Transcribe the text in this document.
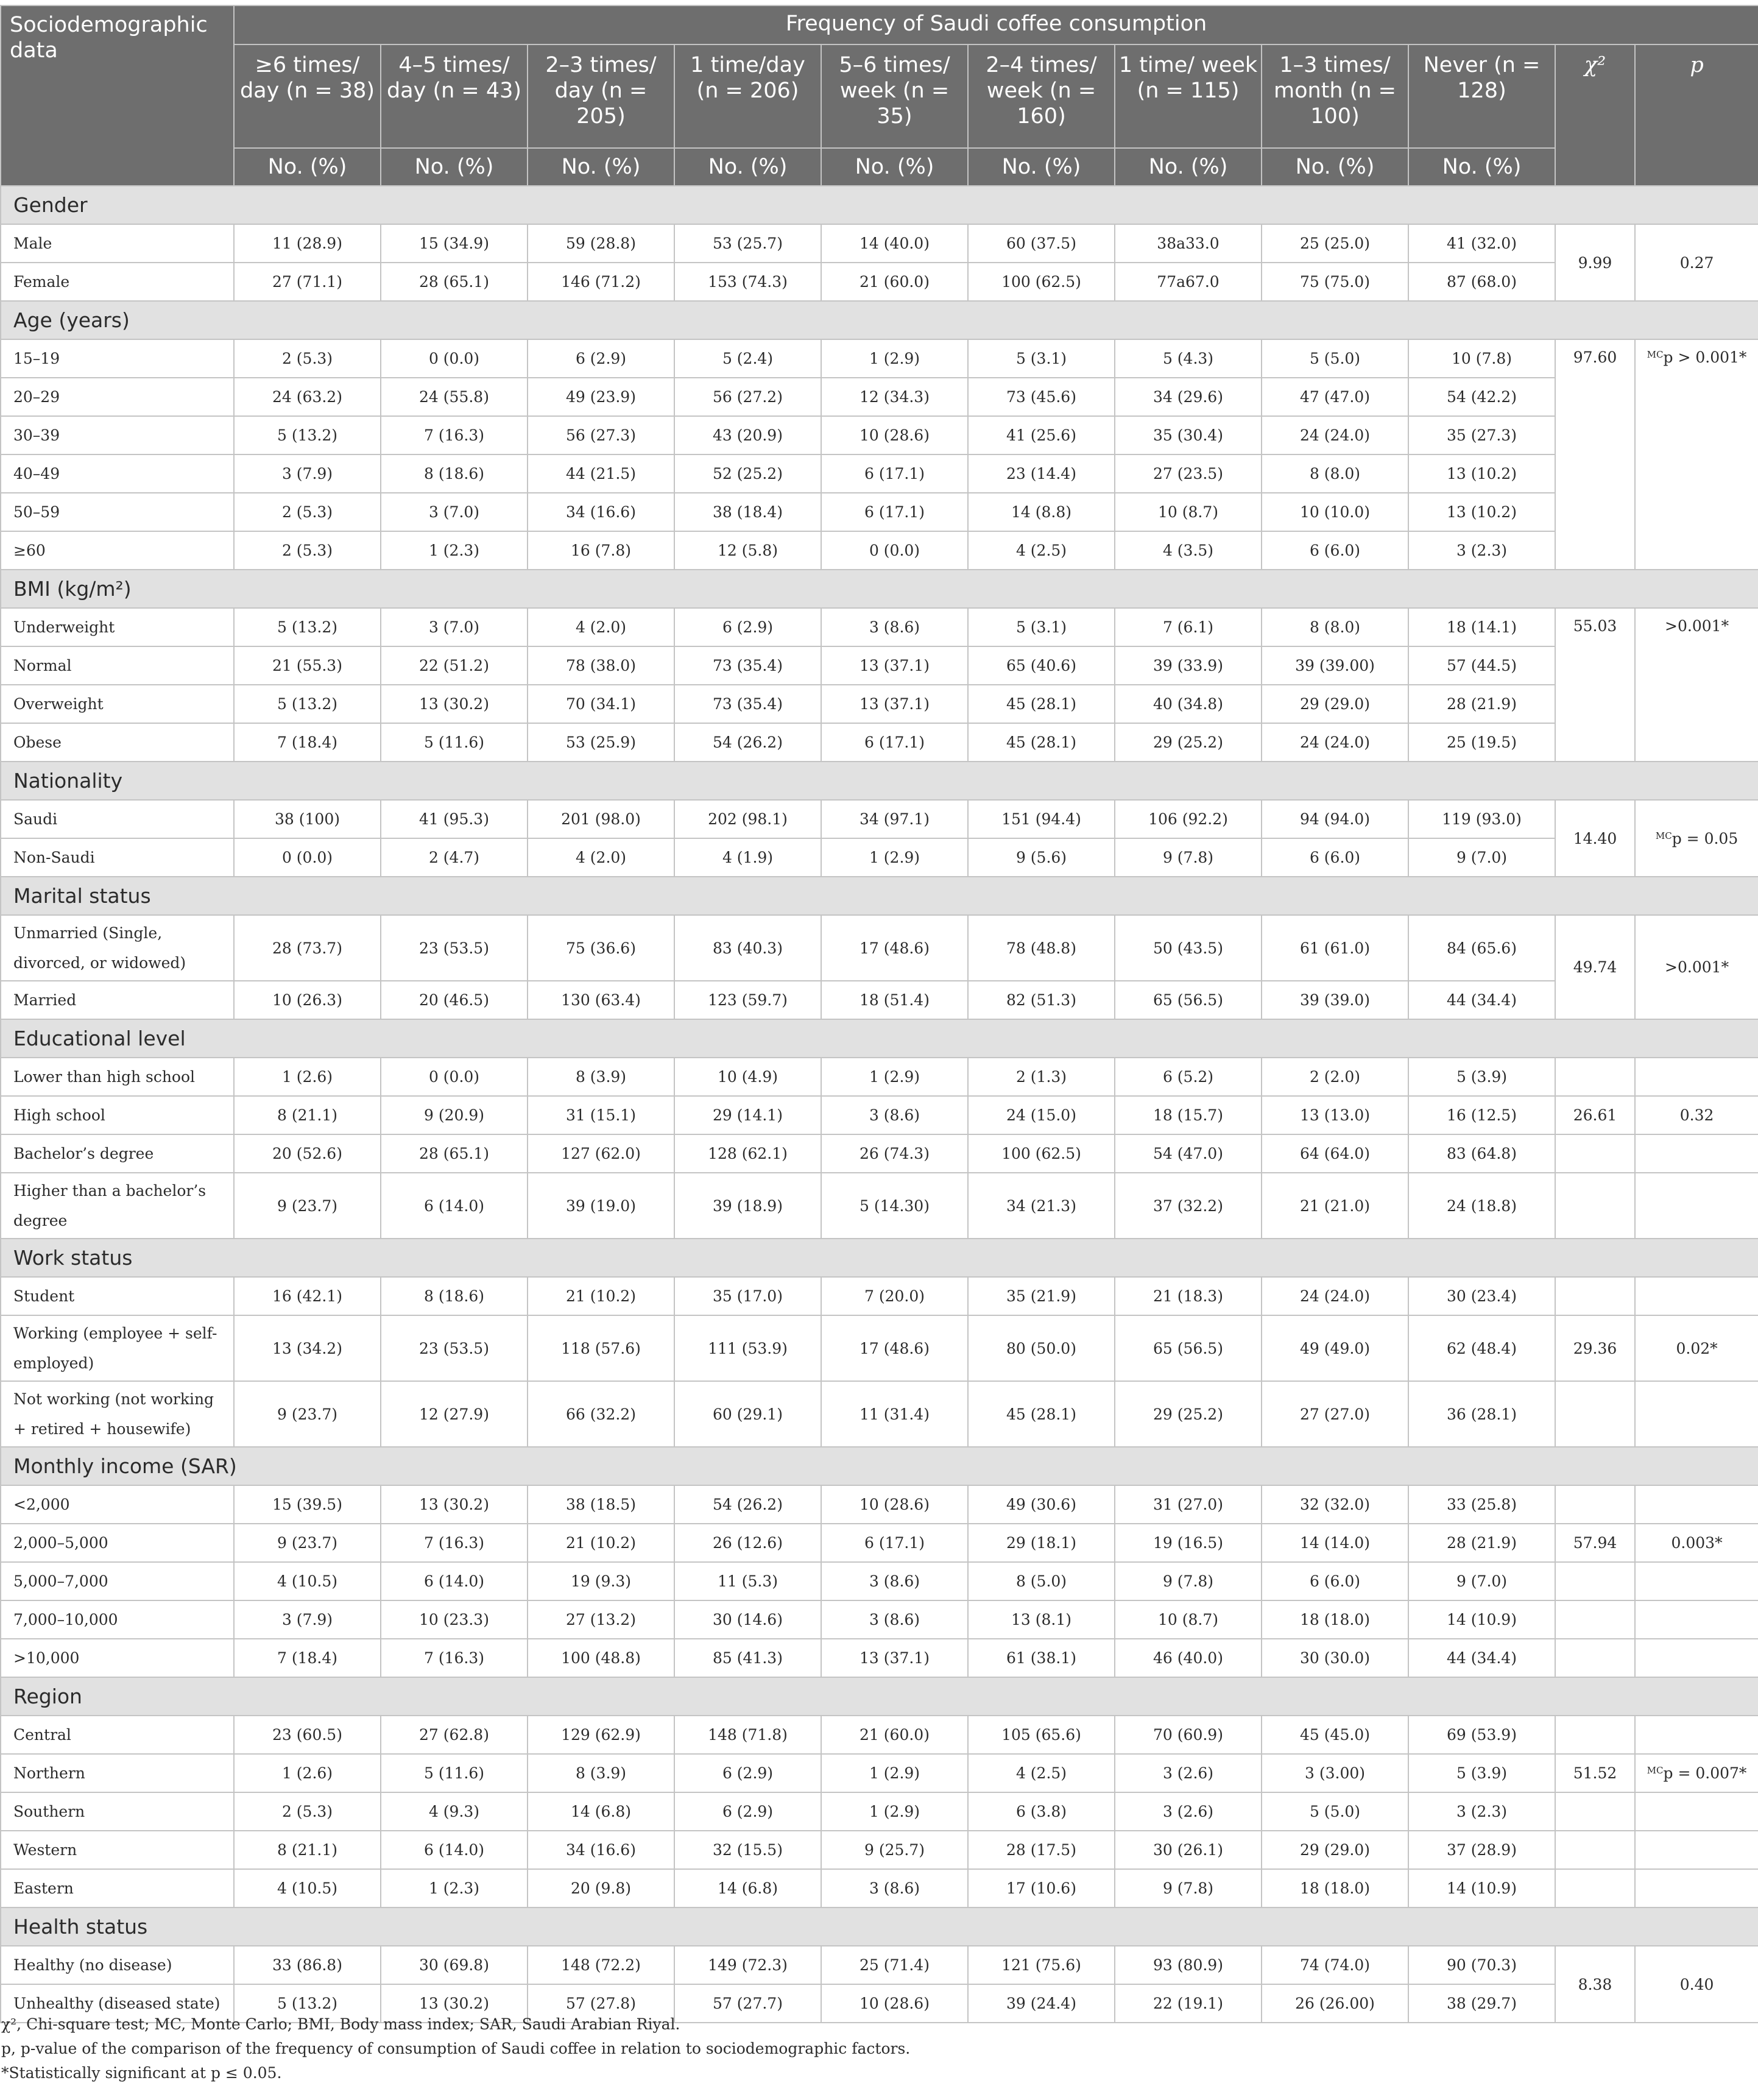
Sociodemographic data	Frequency of Saudi coffee consumption										
	≥6 times/ day (n = 38)	4–5 times/ day (n = 43)	2–3 times/ day (n = 205)	1 time/day (n = 206)	5–6 times/ week (n = 35)	2–4 times/ week (n = 160)	1 time/ week (n = 115)	1–3 times/ month (n = 100)	Never (n = 128)	χ²	p
	No. (%)	No. (%)	No. (%)	No. (%)	No. (%)	No. (%)	No. (%)	No. (%)	No. (%)		
Gender											
Male	11 (28.9)	15 (34.9)	59 (28.8)	53 (25.7)	14 (40.0)	60 (37.5)	38a33.0	25 (25.0)	41 (32.0)	9.99	0.27
Female	27 (71.1)	28 (65.1)	146 (71.2)	153 (74.3)	21 (60.0)	100 (62.5)	77a67.0	75 (75.0)	87 (68.0)		
Age (years)											
15–19	2 (5.3)	0 (0.0)	6 (2.9)	5 (2.4)	1 (2.9)	5 (3.1)	5 (4.3)	5 (5.0)	10 (7.8)	97.60	$^{MC}$p > 0.001*
20–29	24 (63.2)	24 (55.8)	49 (23.9)	56 (27.2)	12 (34.3)	73 (45.6)	34 (29.6)	47 (47.0)	54 (42.2)		
30–39	5 (13.2)	7 (16.3)	56 (27.3)	43 (20.9)	10 (28.6)	41 (25.6)	35 (30.4)	24 (24.0)	35 (27.3)		
40–49	3 (7.9)	8 (18.6)	44 (21.5)	52 (25.2)	6 (17.1)	23 (14.4)	27 (23.5)	8 (8.0)	13 (10.2)		
50–59	2 (5.3)	3 (7.0)	34 (16.6)	38 (18.4)	6 (17.1)	14 (8.8)	10 (8.7)	10 (10.0)	13 (10.2)		
≥60	2 (5.3)	1 (2.3)	16 (7.8)	12 (5.8)	0 (0.0)	4 (2.5)	4 (3.5)	6 (6.0)	3 (2.3)		
BMI (kg/m²)											
Underweight	5 (13.2)	3 (7.0)	4 (2.0)	6 (2.9)	3 (8.6)	5 (3.1)	7 (6.1)	8 (8.0)	18 (14.1)	55.03	>0.001*
Normal	21 (55.3)	22 (51.2)	78 (38.0)	73 (35.4)	13 (37.1)	65 (40.6)	39 (33.9)	39 (39.00)	57 (44.5)		
Overweight	5 (13.2)	13 (30.2)	70 (34.1)	73 (35.4)	13 (37.1)	45 (28.1)	40 (34.8)	29 (29.0)	28 (21.9)		
Obese	7 (18.4)	5 (11.6)	53 (25.9)	54 (26.2)	6 (17.1)	45 (28.1)	29 (25.2)	24 (24.0)	25 (19.5)		
Nationality											
Saudi	38 (100)	41 (95.3)	201 (98.0)	202 (98.1)	34 (97.1)	151 (94.4)	106 (92.2)	94 (94.0)	119 (93.0)	14.40	$^{MC}$p = 0.05
Non-Saudi	0 (0.0)	2 (4.7)	4 (2.0)	4 (1.9)	1 (2.9)	9 (5.6)	9 (7.8)	6 (6.0)	9 (7.0)		
Marital status											
Unmarried (Single, divorced, or widowed)	28 (73.7)	23 (53.5)	75 (36.6)	83 (40.3)	17 (48.6)	78 (48.8)	50 (43.5)	61 (61.0)	84 (65.6)	49.74	>0.001*
Married	10 (26.3)	20 (46.5)	130 (63.4)	123 (59.7)	18 (51.4)	82 (51.3)	65 (56.5)	39 (39.0)	44 (34.4)		
Educational level											
Lower than high school	1 (2.6)	0 (0.0)	8 (3.9)	10 (4.9)	1 (2.9)	2 (1.3)	6 (5.2)	2 (2.0)	5 (3.9)		
High school	8 (21.1)	9 (20.9)	31 (15.1)	29 (14.1)	3 (8.6)	24 (15.0)	18 (15.7)	13 (13.0)	16 (12.5)	26.61	0.32
Bachelor’s degree	20 (52.6)	28 (65.1)	127 (62.0)	128 (62.1)	26 (74.3)	100 (62.5)	54 (47.0)	64 (64.0)	83 (64.8)		
Higher than a bachelor’s degree	9 (23.7)	6 (14.0)	39 (19.0)	39 (18.9)	5 (14.30)	34 (21.3)	37 (32.2)	21 (21.0)	24 (18.8)		
Work status											
Student	16 (42.1)	8 (18.6)	21 (10.2)	35 (17.0)	7 (20.0)	35 (21.9)	21 (18.3)	24 (24.0)	30 (23.4)		
Working (employee + self-employed)	13 (34.2)	23 (53.5)	118 (57.6)	111 (53.9)	17 (48.6)	80 (50.0)	65 (56.5)	49 (49.0)	62 (48.4)	29.36	0.02*
Not working (not working + retired + housewife)	9 (23.7)	12 (27.9)	66 (32.2)	60 (29.1)	11 (31.4)	45 (28.1)	29 (25.2)	27 (27.0)	36 (28.1)		
Monthly income (SAR)											
<2,000	15 (39.5)	13 (30.2)	38 (18.5)	54 (26.2)	10 (28.6)	49 (30.6)	31 (27.0)	32 (32.0)	33 (25.8)		
2,000–5,000	9 (23.7)	7 (16.3)	21 (10.2)	26 (12.6)	6 (17.1)	29 (18.1)	19 (16.5)	14 (14.0)	28 (21.9)	57.94	0.003*
5,000–7,000	4 (10.5)	6 (14.0)	19 (9.3)	11 (5.3)	3 (8.6)	8 (5.0)	9 (7.8)	6 (6.0)	9 (7.0)		
7,000–10,000	3 (7.9)	10 (23.3)	27 (13.2)	30 (14.6)	3 (8.6)	13 (8.1)	10 (8.7)	18 (18.0)	14 (10.9)		
>10,000	7 (18.4)	7 (16.3)	100 (48.8)	85 (41.3)	13 (37.1)	61 (38.1)	46 (40.0)	30 (30.0)	44 (34.4)		
Region											
Central	23 (60.5)	27 (62.8)	129 (62.9)	148 (71.8)	21 (60.0)	105 (65.6)	70 (60.9)	45 (45.0)	69 (53.9)		
Northern	1 (2.6)	5 (11.6)	8 (3.9)	6 (2.9)	1 (2.9)	4 (2.5)	3 (2.6)	3 (3.00)	5 (3.9)	51.52	$^{MC}$p = 0.007*
Southern	2 (5.3)	4 (9.3)	14 (6.8)	6 (2.9)	1 (2.9)	6 (3.8)	3 (2.6)	5 (5.0)	3 (2.3)		
Western	8 (21.1)	6 (14.0)	34 (16.6)	32 (15.5)	9 (25.7)	28 (17.5)	30 (26.1)	29 (29.0)	37 (28.9)		
Eastern	4 (10.5)	1 (2.3)	20 (9.8)	14 (6.8)	3 (8.6)	17 (10.6)	9 (7.8)	18 (18.0)	14 (10.9)		
Health status											
Healthy (no disease)	33 (86.8)	30 (69.8)	148 (72.2)	149 (72.3)	25 (71.4)	121 (75.6)	93 (80.9)	74 (74.0)	90 (70.3)	8.38	0.40
Unhealthy (diseased state)	5 (13.2)	13 (30.2)	57 (27.8)	57 (27.7)	10 (28.6)	39 (24.4)	22 (19.1)	26 (26.00)	38 (29.7)		
χ², Chi-square test; MC, Monte Carlo; BMI, Body mass index; SAR, Saudi Arabian Riyal.
p, p-value of the comparison of the frequency of consumption of Saudi coffee in relation to sociodemographic factors.
*Statistically significant at p ≤ 0.05.
